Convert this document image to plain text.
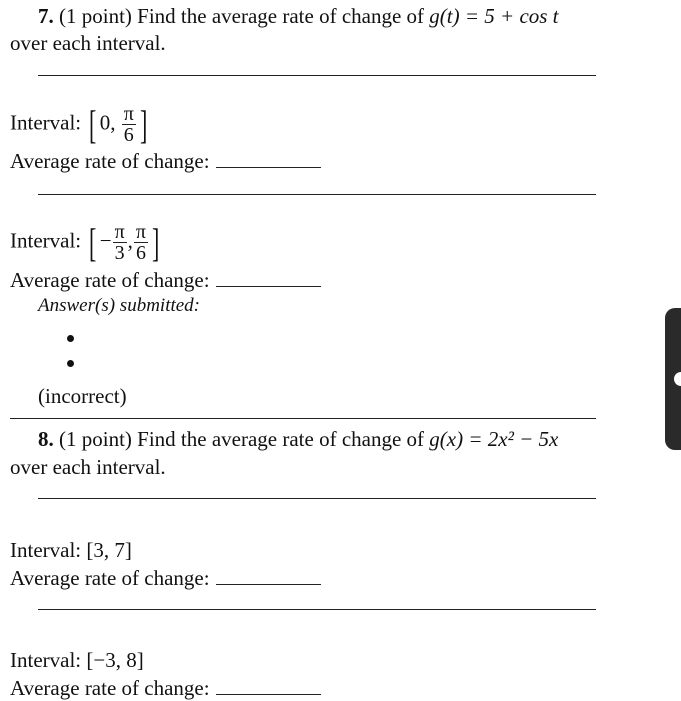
7. (1 point) Find the average rate of change of g(t) = 5 + cos t
over each interval.
Interval: [ 0, $\frac{\pi}{6}$ ]
Average rate of change:
Interval: [ − $\frac{\pi}{3}$ , $\frac{\pi}{6}$ ]
Average rate of change:
Answer(s) submitted:
(incorrect)
8. (1 point) Find the average rate of change of g(x) = 2x² − 5x
over each interval.
Interval: [3, 7]
Average rate of change:
Interval: [−3, 8]
Average rate of change:
